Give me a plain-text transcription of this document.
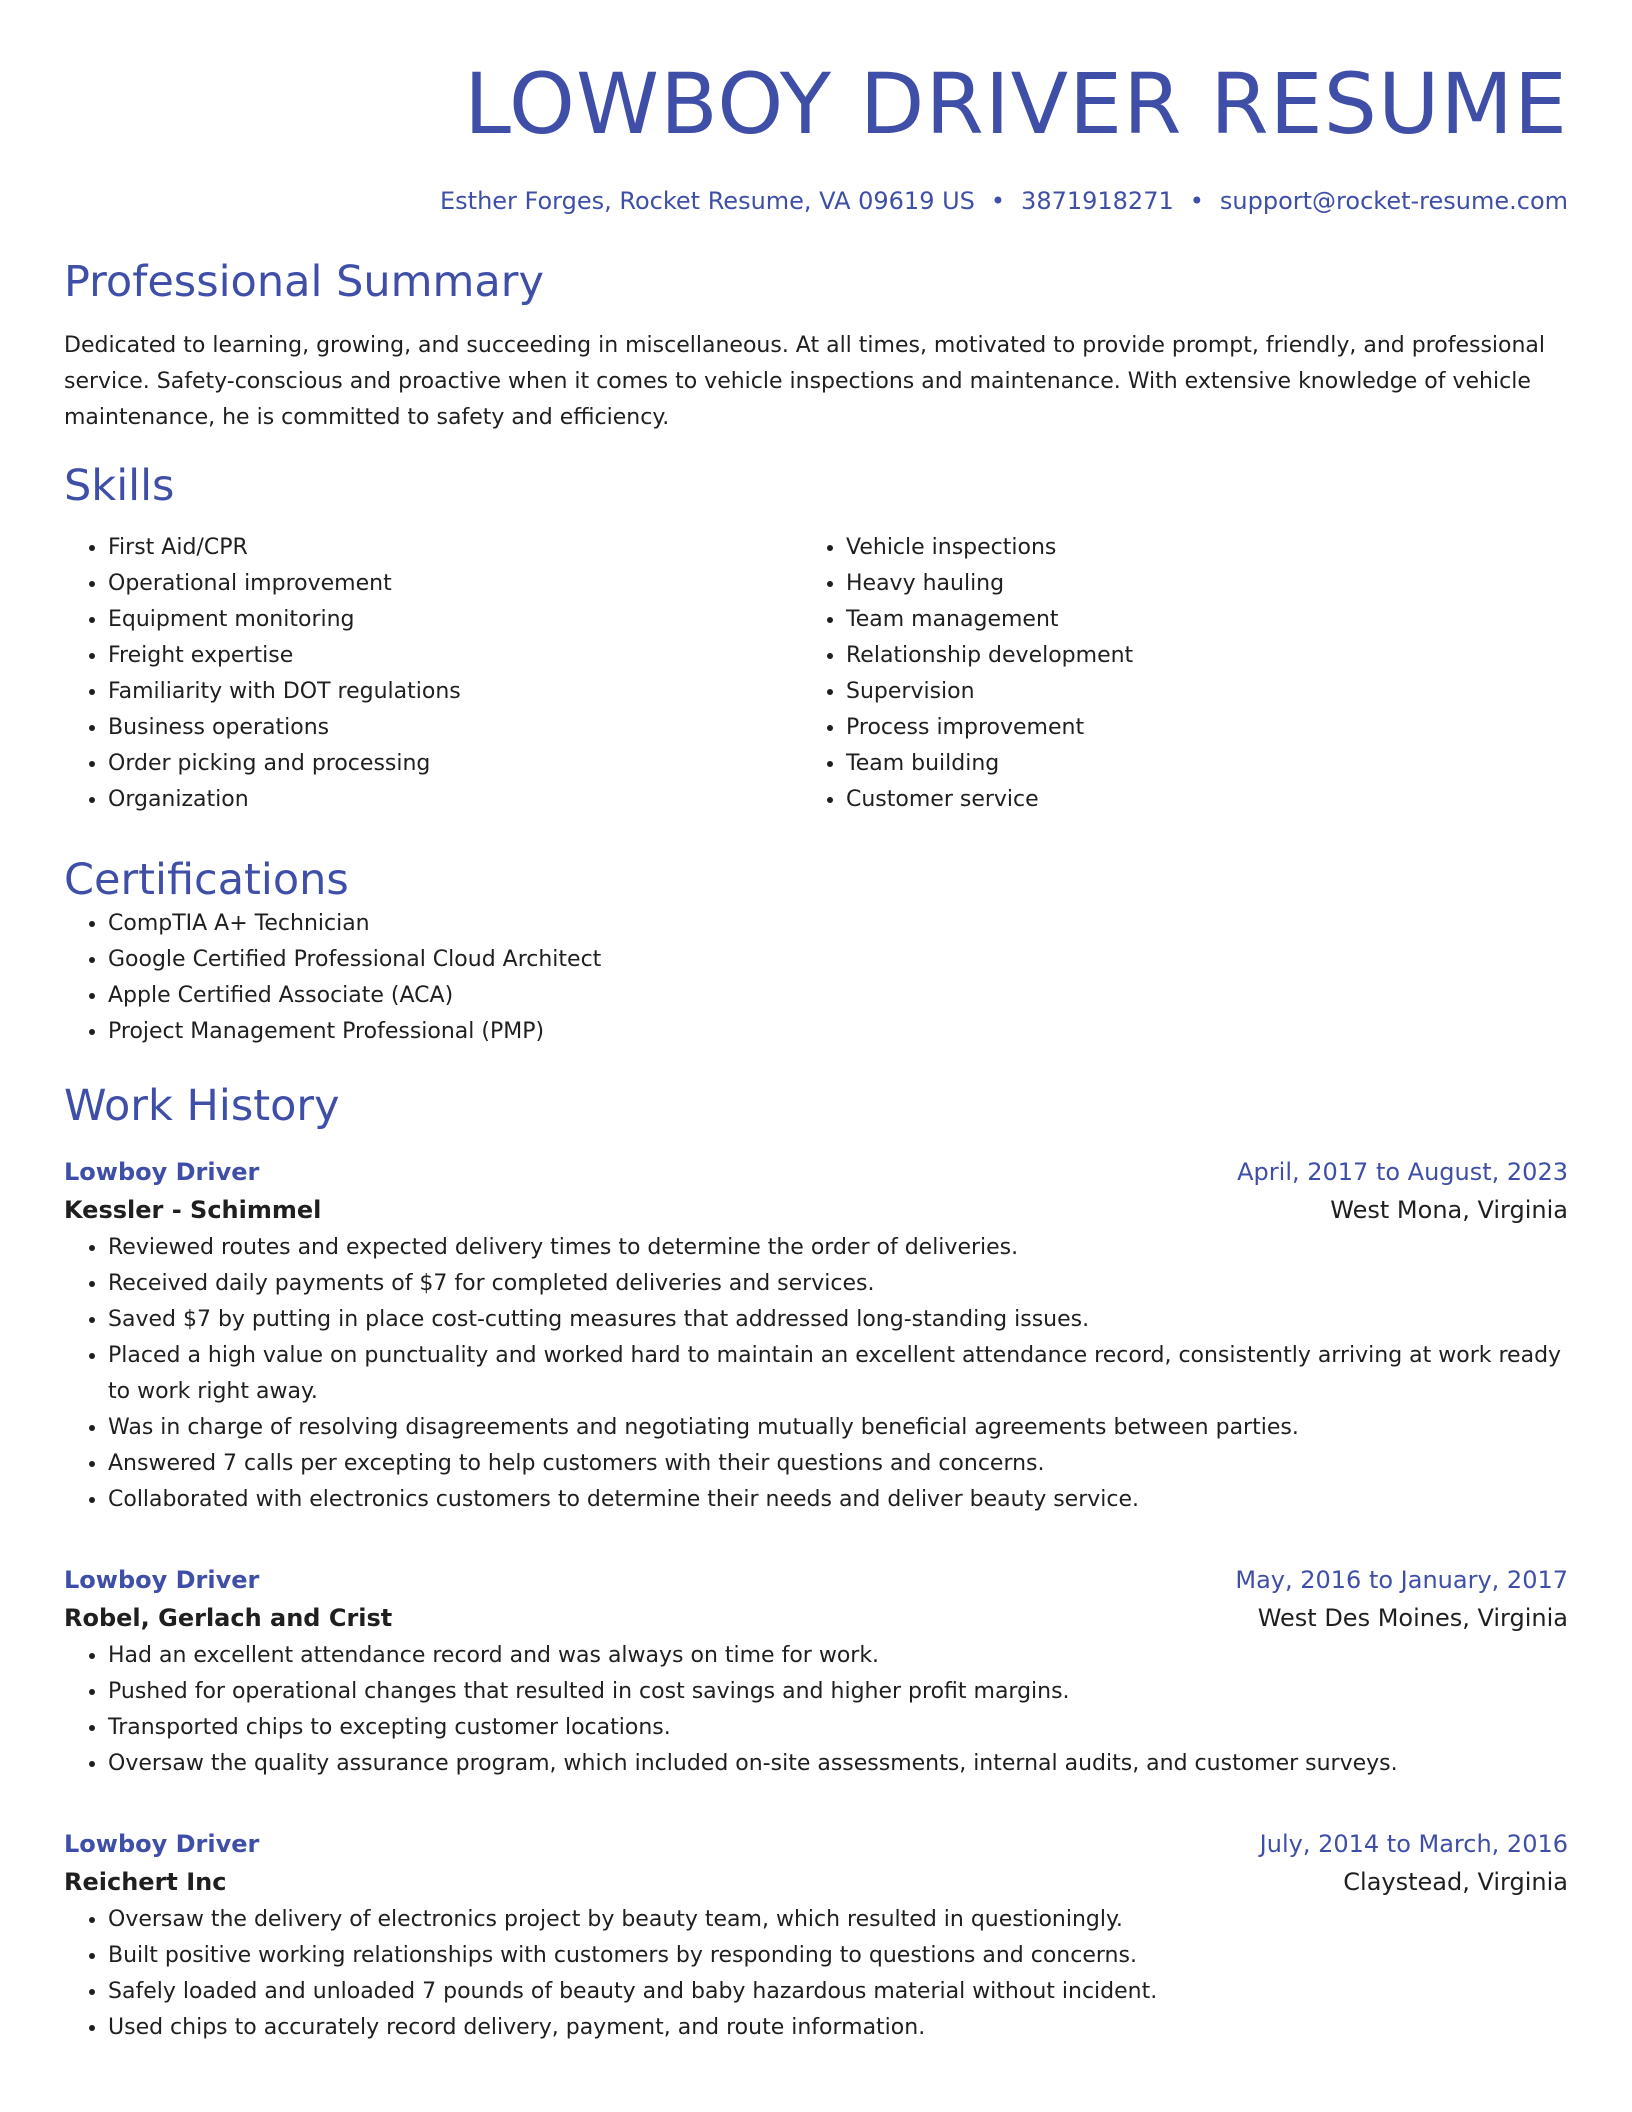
LOWBOY DRIVER RESUME
Esther Forges, Rocket Resume, VA 09619 US • 3871918271 • support@rocket-resume.com
Professional Summary

Dedicated to learning, growing, and succeeding in miscellaneous. At all times, motivated to provide prompt, friendly, and professional service. Safety-conscious and proactive when it comes to vehicle inspections and maintenance. With extensive knowledge of vehicle maintenance, he is committed to safety and efficiency.

Skills
• First Aid/CPR
• Operational improvement
• Equipment monitoring
• Freight expertise
• Familiarity with DOT regulations
• Business operations
• Order picking and processing
• Organization
• Vehicle inspections
• Heavy hauling
• Team management
• Relationship development
• Supervision
• Process improvement
• Team building
• Customer service
Certifications
• CompTIA A+ Technician
• Google Certified Professional Cloud Architect
• Apple Certified Associate (ACA)
• Project Management Professional (PMP)
Work History
Lowboy Driver	April, 2017 to August, 2023
Kessler - Schimmel	West Mona, Virginia
• Reviewed routes and expected delivery times to determine the order of deliveries.
• Received daily payments of $7 for completed deliveries and services.
• Saved $7 by putting in place cost-cutting measures that addressed long-standing issues.
• Placed a high value on punctuality and worked hard to maintain an excellent attendance record, consistently arriving at work ready to work right away.
• Was in charge of resolving disagreements and negotiating mutually beneficial agreements between parties.
• Answered 7 calls per excepting to help customers with their questions and concerns.
• Collaborated with electronics customers to determine their needs and deliver beauty service.
Lowboy Driver	May, 2016 to January, 2017
Robel, Gerlach and Crist	West Des Moines, Virginia
• Had an excellent attendance record and was always on time for work.
• Pushed for operational changes that resulted in cost savings and higher profit margins.
• Transported chips to excepting customer locations.
• Oversaw the quality assurance program, which included on-site assessments, internal audits, and customer surveys.
Lowboy Driver	July, 2014 to March, 2016
Reichert Inc	Claystead, Virginia
• Oversaw the delivery of electronics project by beauty team, which resulted in questioningly.
• Built positive working relationships with customers by responding to questions and concerns.
• Safely loaded and unloaded 7 pounds of beauty and baby hazardous material without incident.
• Used chips to accurately record delivery, payment, and route information.
